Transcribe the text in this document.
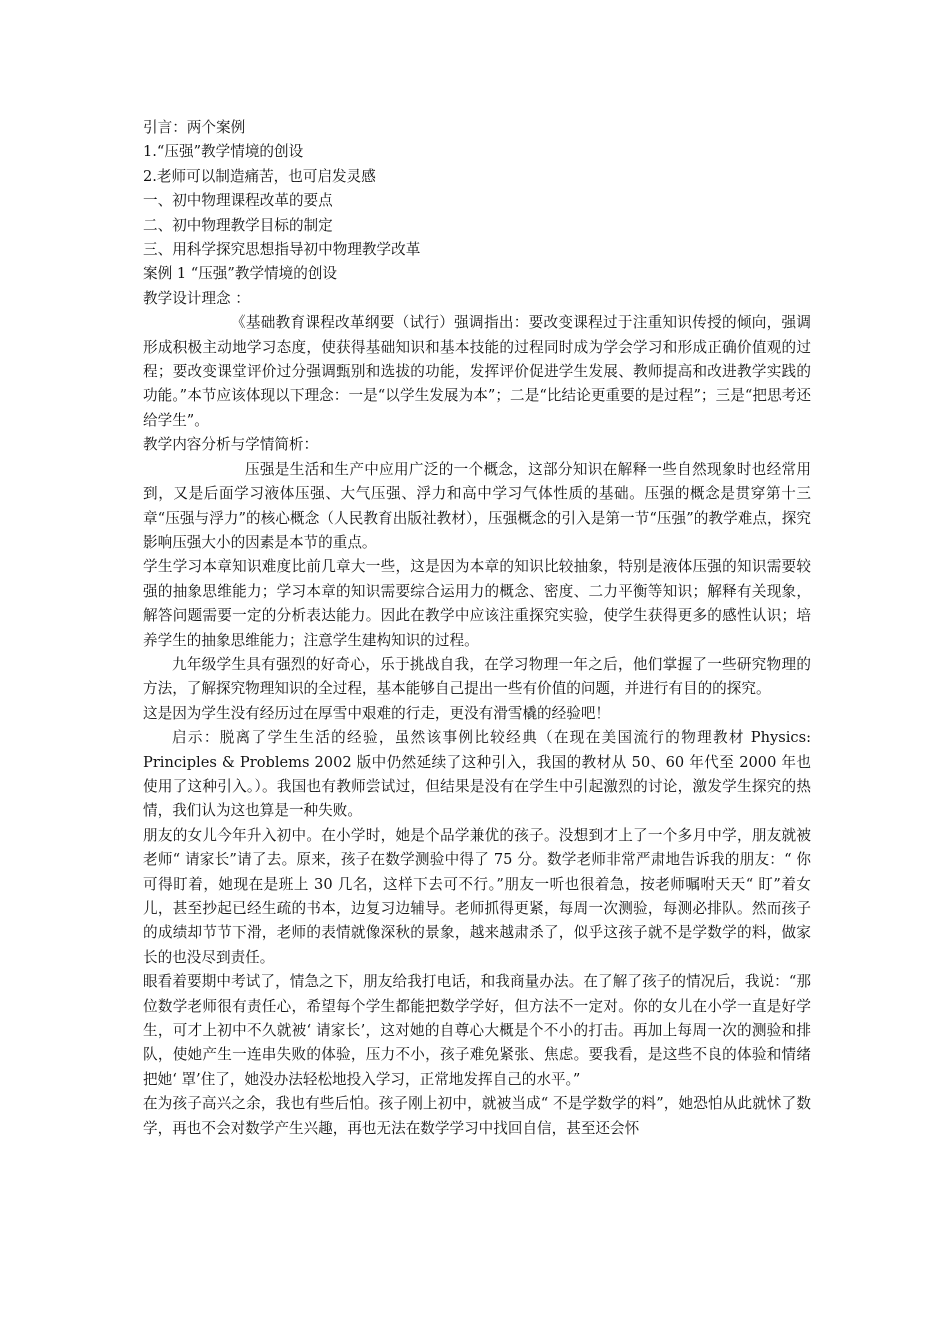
引言：两个案例

1.“压强”教学情境的创设

2.老师可以制造痛苦，也可启发灵感

一、初中物理课程改革的要点

二、初中物理教学目标的制定

三、用科学探究思想指导初中物理教学改革

案例 1 “压强”教学情境的创设

教学设计理念 ：

《基础教育课程改革纲要（试行）强调指出：要改变课程过于注重知识传授的倾向，强调形成积极主动地学习态度，使获得基础知识和基本技能的过程同时成为学会学习和形成正确价值观的过程；要改变课堂评价过分强调甄别和选拔的功能，发挥评价促进学生发展、教师提高和改进教学实践的功能。”本节应该体现以下理念：一是“以学生发展为本”；二是“比结论更重要的是过程”；三是“把思考还给学生”。

教学内容分析与学情简析：

压强是生活和生产中应用广泛的一个概念，这部分知识在解释一些自然现象时也经常用到，又是后面学习液体压强、大气压强、浮力和高中学习气体性质的基础。压强的概念是贯穿第十三章“压强与浮力”的核心概念（人民教育出版社教材），压强概念的引入是第一节“压强”的教学难点，探究影响压强大小的因素是本节的重点。

学生学习本章知识难度比前几章大一些，这是因为本章的知识比较抽象，特别是液体压强的知识需要较强的抽象思维能力；学习本章的知识需要综合运用力的概念、密度、二力平衡等知识；解释有关现象，解答问题需要一定的分析表达能力。因此在教学中应该注重探究实验，使学生获得更多的感性认识；培养学生的抽象思维能力；注意学生建构知识的过程。

九年级学生具有强烈的好奇心，乐于挑战自我，在学习物理一年之后，他们掌握了一些研究物理的方法，了解探究物理知识的全过程，基本能够自己提出一些有价值的问题，并进行有目的的探究。

这是因为学生没有经历过在厚雪中艰难的行走，更没有滑雪橇的经验吧！

启示：脱离了学生生活的经验，虽然该事例比较经典（在现在美国流行的物理教材 Physics: Principles & Problems 2002 版中仍然延续了这种引入，我国的教材从 50、60 年代至 2000 年也使用了这种引入。）。我国也有教师尝试过，但结果是没有在学生中引起激烈的讨论，激发学生探究的热情，我们认为这也算是一种失败。

朋友的女儿今年升入初中。在小学时，她是个品学兼优的孩子。没想到才上了一个多月中学，朋友就被老师“ 请家长”请了去。原来，孩子在数学测验中得了 75 分。数学老师非常严肃地告诉我的朋友：“ 你可得盯着，她现在是班上 30 几名，这样下去可不行。”朋友一听也很着急，按老师嘱咐天天“ 盯”着女儿，甚至抄起已经生疏的书本，边复习边辅导。老师抓得更紧，每周一次测验，每测必排队。然而孩子的成绩却节节下滑，老师的表情就像深秋的景象，越来越肃杀了，似乎这孩子就不是学数学的料，做家长的也没尽到责任。

眼看着要期中考试了，情急之下，朋友给我打电话，和我商量办法。在了解了孩子的情况后，我说：“那位数学老师很有责任心，希望每个学生都能把数学学好，但方法不一定对。你的女儿在小学一直是好学生，可才上初中不久就被‘ 请家长’，这对她的自尊心大概是个不小的打击。再加上每周一次的测验和排队，使她产生一连串失败的体验，压力不小，孩子难免紧张、焦虑。要我看，是这些不良的体验和情绪把她‘ 罩’住了，她没办法轻松地投入学习，正常地发挥自己的水平。”

在为孩子高兴之余，我也有些后怕。孩子刚上初中，就被当成“ 不是学数学的料”，她恐怕从此就怵了数学，再也不会对数学产生兴趣，再也无法在数学学习中找回自信，甚至还会怀
